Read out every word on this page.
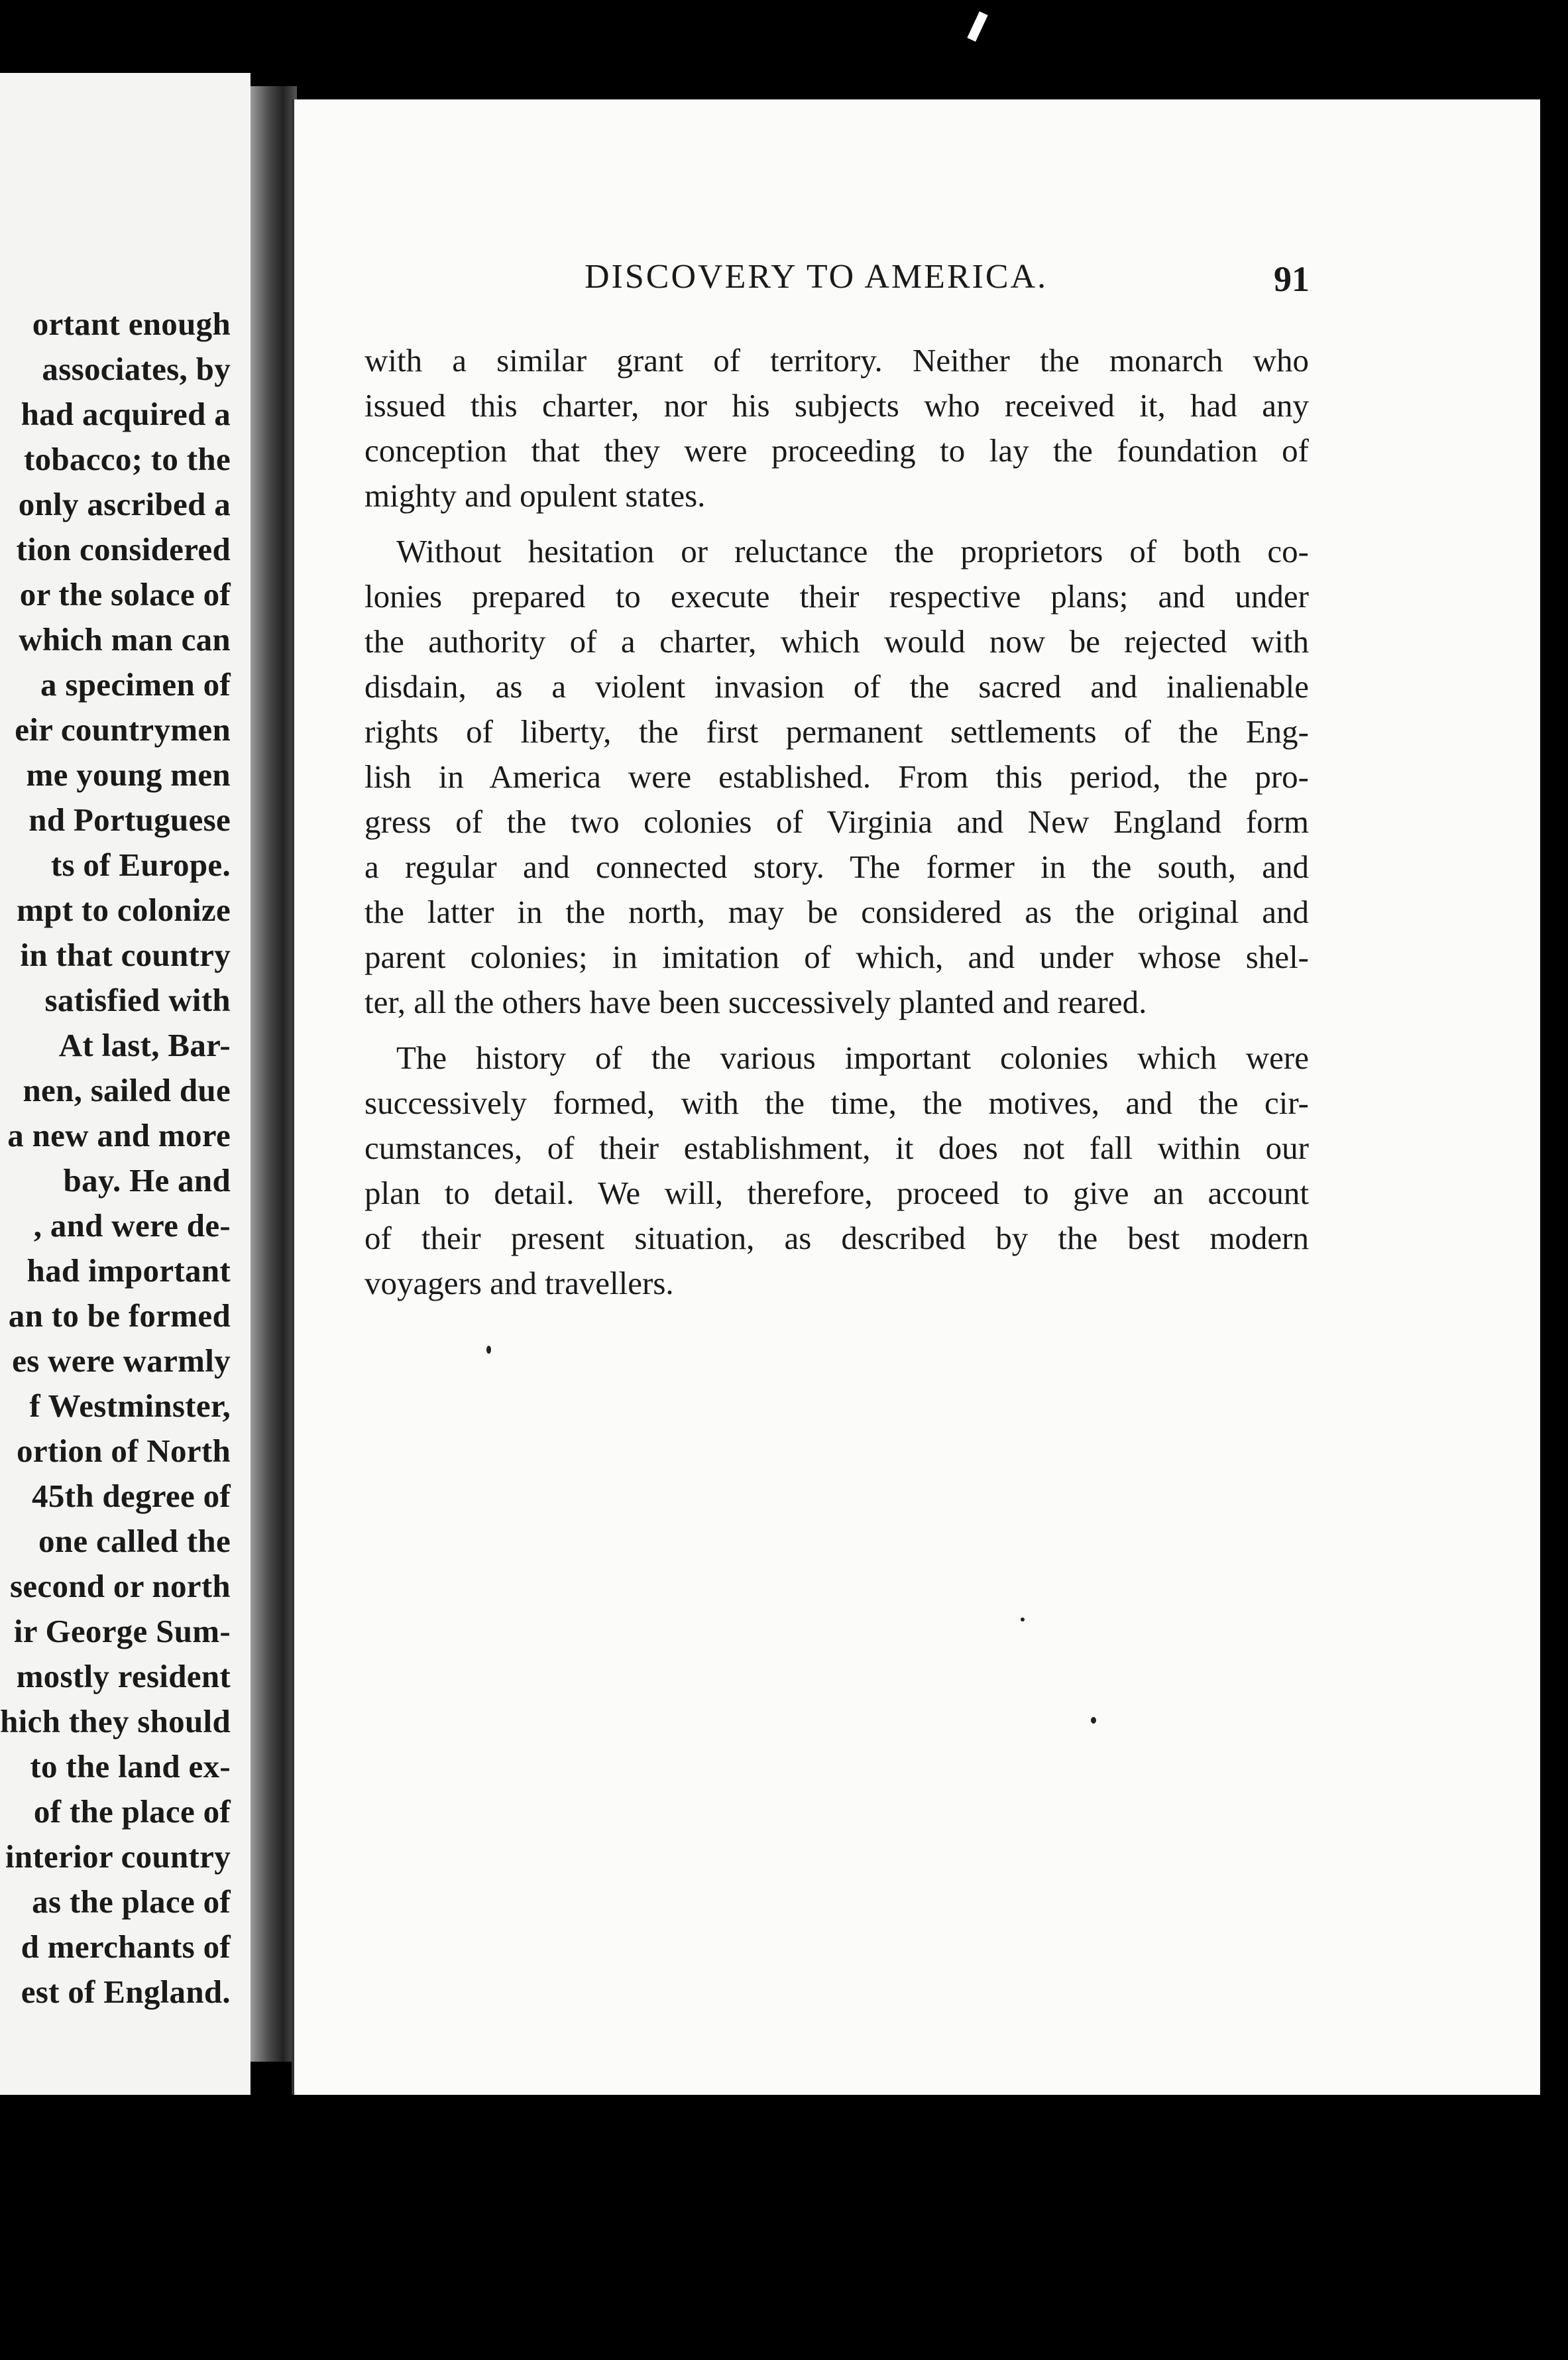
ortant enough
associates, by
had acquired a
tobacco; to the
only ascribed a
tion considered
or the solace of
which man can
a specimen of
eir countrymen
me young men
nd Portuguese
ts of Europe.
mpt to colonize
in that country
satisfied with
At last, Bar-
nen, sailed due
a new and more
bay. He and
, and were de-
had important
an to be formed
es were warmly
f Westminster,
ortion of North
45th degree of
one called the
second or north
ir George Sum-
mostly resident
hich they should
to the land ex-
of the place of
interior country
as the place of
d merchants of
est of England.
DISCOVERY TO AMERICA.	91
with a similar grant of territory. Neither the monarch who
issued this charter, nor his subjects who received it, had any
conception that they were proceeding to lay the foundation of
mighty and opulent states.
Without hesitation or reluctance the proprietors of both co-
lonies prepared to execute their respective plans; and under
the authority of a charter, which would now be rejected with
disdain, as a violent invasion of the sacred and inalienable
rights of liberty, the first permanent settlements of the Eng-
lish in America were established. From this period, the pro-
gress of the two colonies of Virginia and New England form
a regular and connected story. The former in the south, and
the latter in the north, may be considered as the original and
parent colonies; in imitation of which, and under whose shel-
ter, all the others have been successively planted and reared.
The history of the various important colonies which were
successively formed, with the time, the motives, and the cir-
cumstances, of their establishment, it does not fall within our
plan to detail. We will, therefore, proceed to give an account
of their present situation, as described by the best modern
voyagers and travellers.
